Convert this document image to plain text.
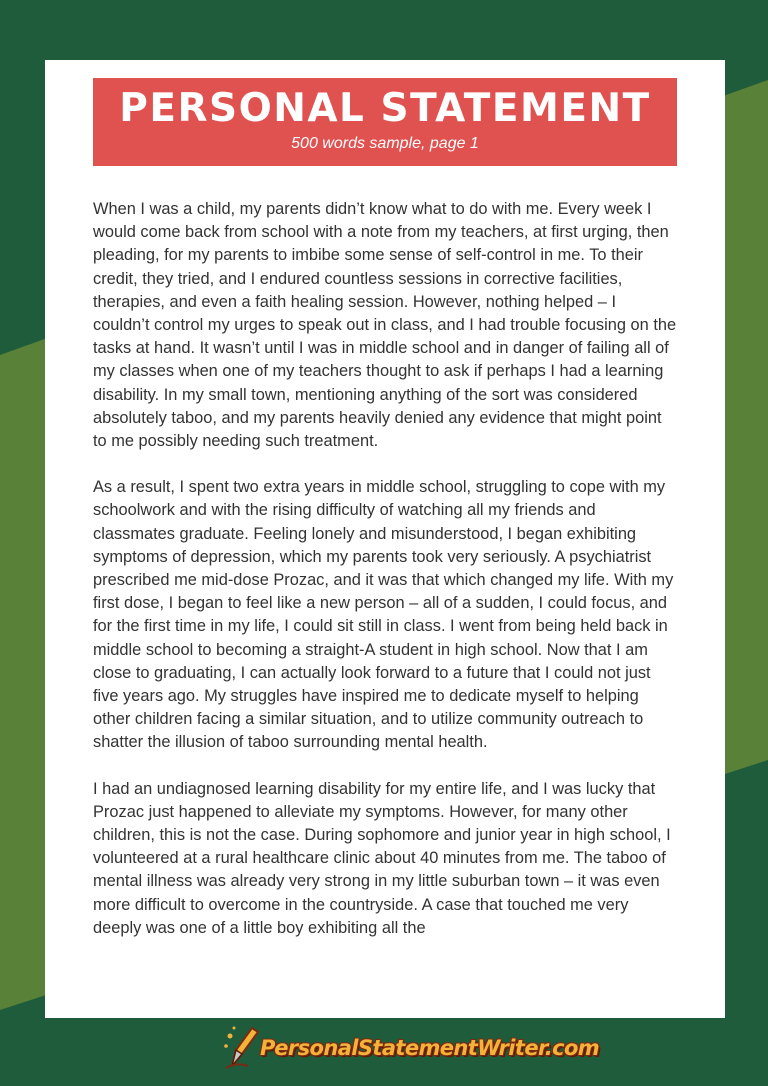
PERSONAL STATEMENT
500 words sample, page 1

When I was a child, my parents didn’t know what to do with me. Every week I would come back from school with a note from my teachers, at first urging, then pleading, for my parents to imbibe some sense of self-control in me. To their credit, they tried, and I endured countless sessions in corrective facilities, therapies, and even a faith healing session. However, nothing helped – I couldn’t control my urges to speak out in class, and I had trouble focusing on the tasks at hand. It wasn’t until I was in middle school and in danger of failing all of my classes when one of my teachers thought to ask if perhaps I had a learning disability. In my small town, mentioning anything of the sort was considered absolutely taboo, and my parents heavily denied any evidence that might point to me possibly needing such treatment.

As a result, I spent two extra years in middle school, struggling to cope with my schoolwork and with the rising difficulty of watching all my friends and classmates graduate. Feeling lonely and misunderstood, I began exhibiting symptoms of depression, which my parents took very seriously. A psychiatrist prescribed me mid-dose Prozac, and it was that which changed my life. With my first dose, I began to feel like a new person – all of a sudden, I could focus, and for the first time in my life, I could sit still in class. I went from being held back in middle school to becoming a straight-A student in high school. Now that I am close to graduating, I can actually look forward to a future that I could not just five years ago. My struggles have inspired me to dedicate myself to helping other children facing a similar situation, and to utilize community outreach to shatter the illusion of taboo surrounding mental health.

I had an undiagnosed learning disability for my entire life, and I was lucky that Prozac just happened to alleviate my symptoms. However, for many other children, this is not the case. During sophomore and junior year in high school, I volunteered at a rural healthcare clinic about 40 minutes from me. The taboo of mental illness was already very strong in my little suburban town – it was even more difficult to overcome in the countryside. A case that touched me very deeply was one of a little boy exhibiting all the

PersonalStatementWriter.com
